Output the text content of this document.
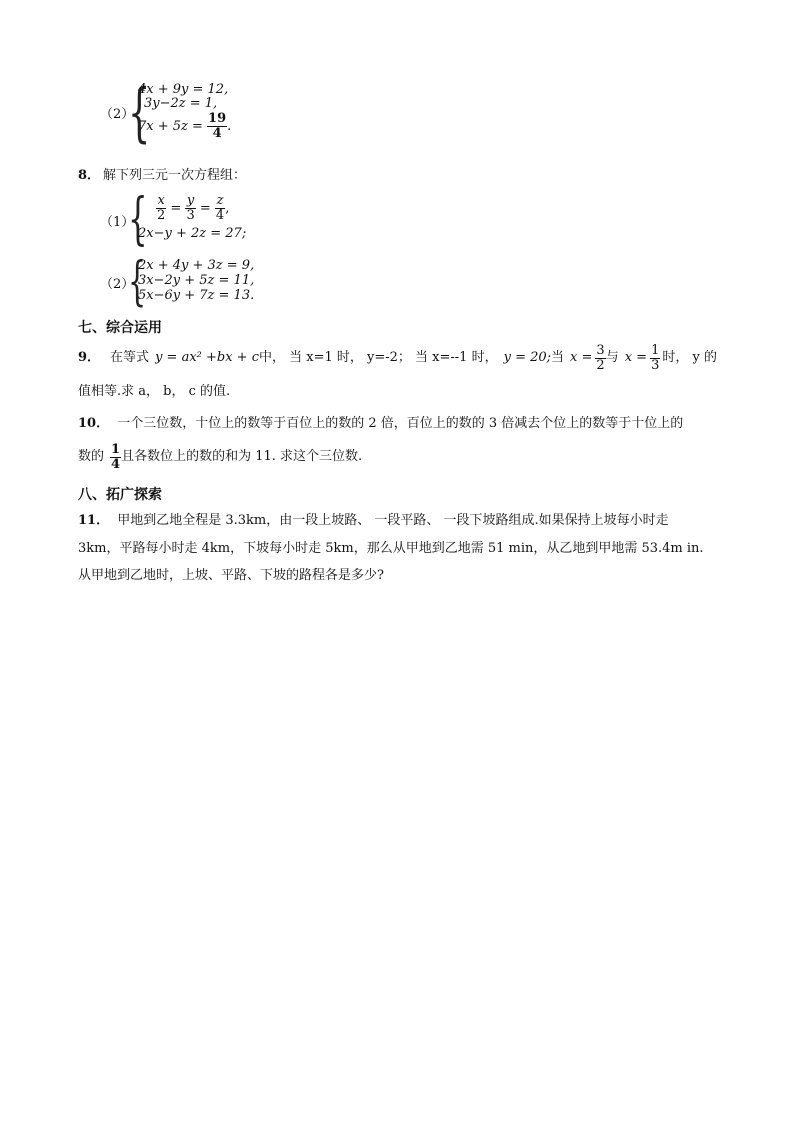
（2）
{
4x + 9y = 12,
3y−2z = 1,
$7x + 5z = \frac{19}{4}$ .
8． 解下列三元一次方程组：
（1）
{ $\frac{x}{2} = \frac{y}{3} = \frac{z}{4}$ ,
2x−y + 2z = 27;
（2）
{
2x + 4y + 3z = 9,
3x−2y + 5z = 11,
5x−6y + 7z = 13.
七、综合运用
9． 在等式 y = ax² +bx + c 中， 当 x=1 时， y=-2； 当 x=--1 时， y = 20; 当 $x = \frac{3}{2}$ 与 $x = \frac{1}{3}$ 时， y 的
值相等.求 a， b， c 的值.
10． 一个三位数，十位上的数等于百位上的数的 2 倍，百位上的数的 3 倍减去个位上的数等于十位上的
数的 $\frac{1}{4}$ 且各数位上的数的和为 11. 求这个三位数.
八、拓广探索
11． 甲地到乙地全程是 3.3km，由一段上坡路、 一段平路、 一段下坡路组成.如果保持上坡每小时走
3km，平路每小时走 4km，下坡每小时走 5km，那么从甲地到乙地需 51 min，从乙地到甲地需 53.4m in.
从甲地到乙地时，上坡、平路、下坡的路程各是多少?
